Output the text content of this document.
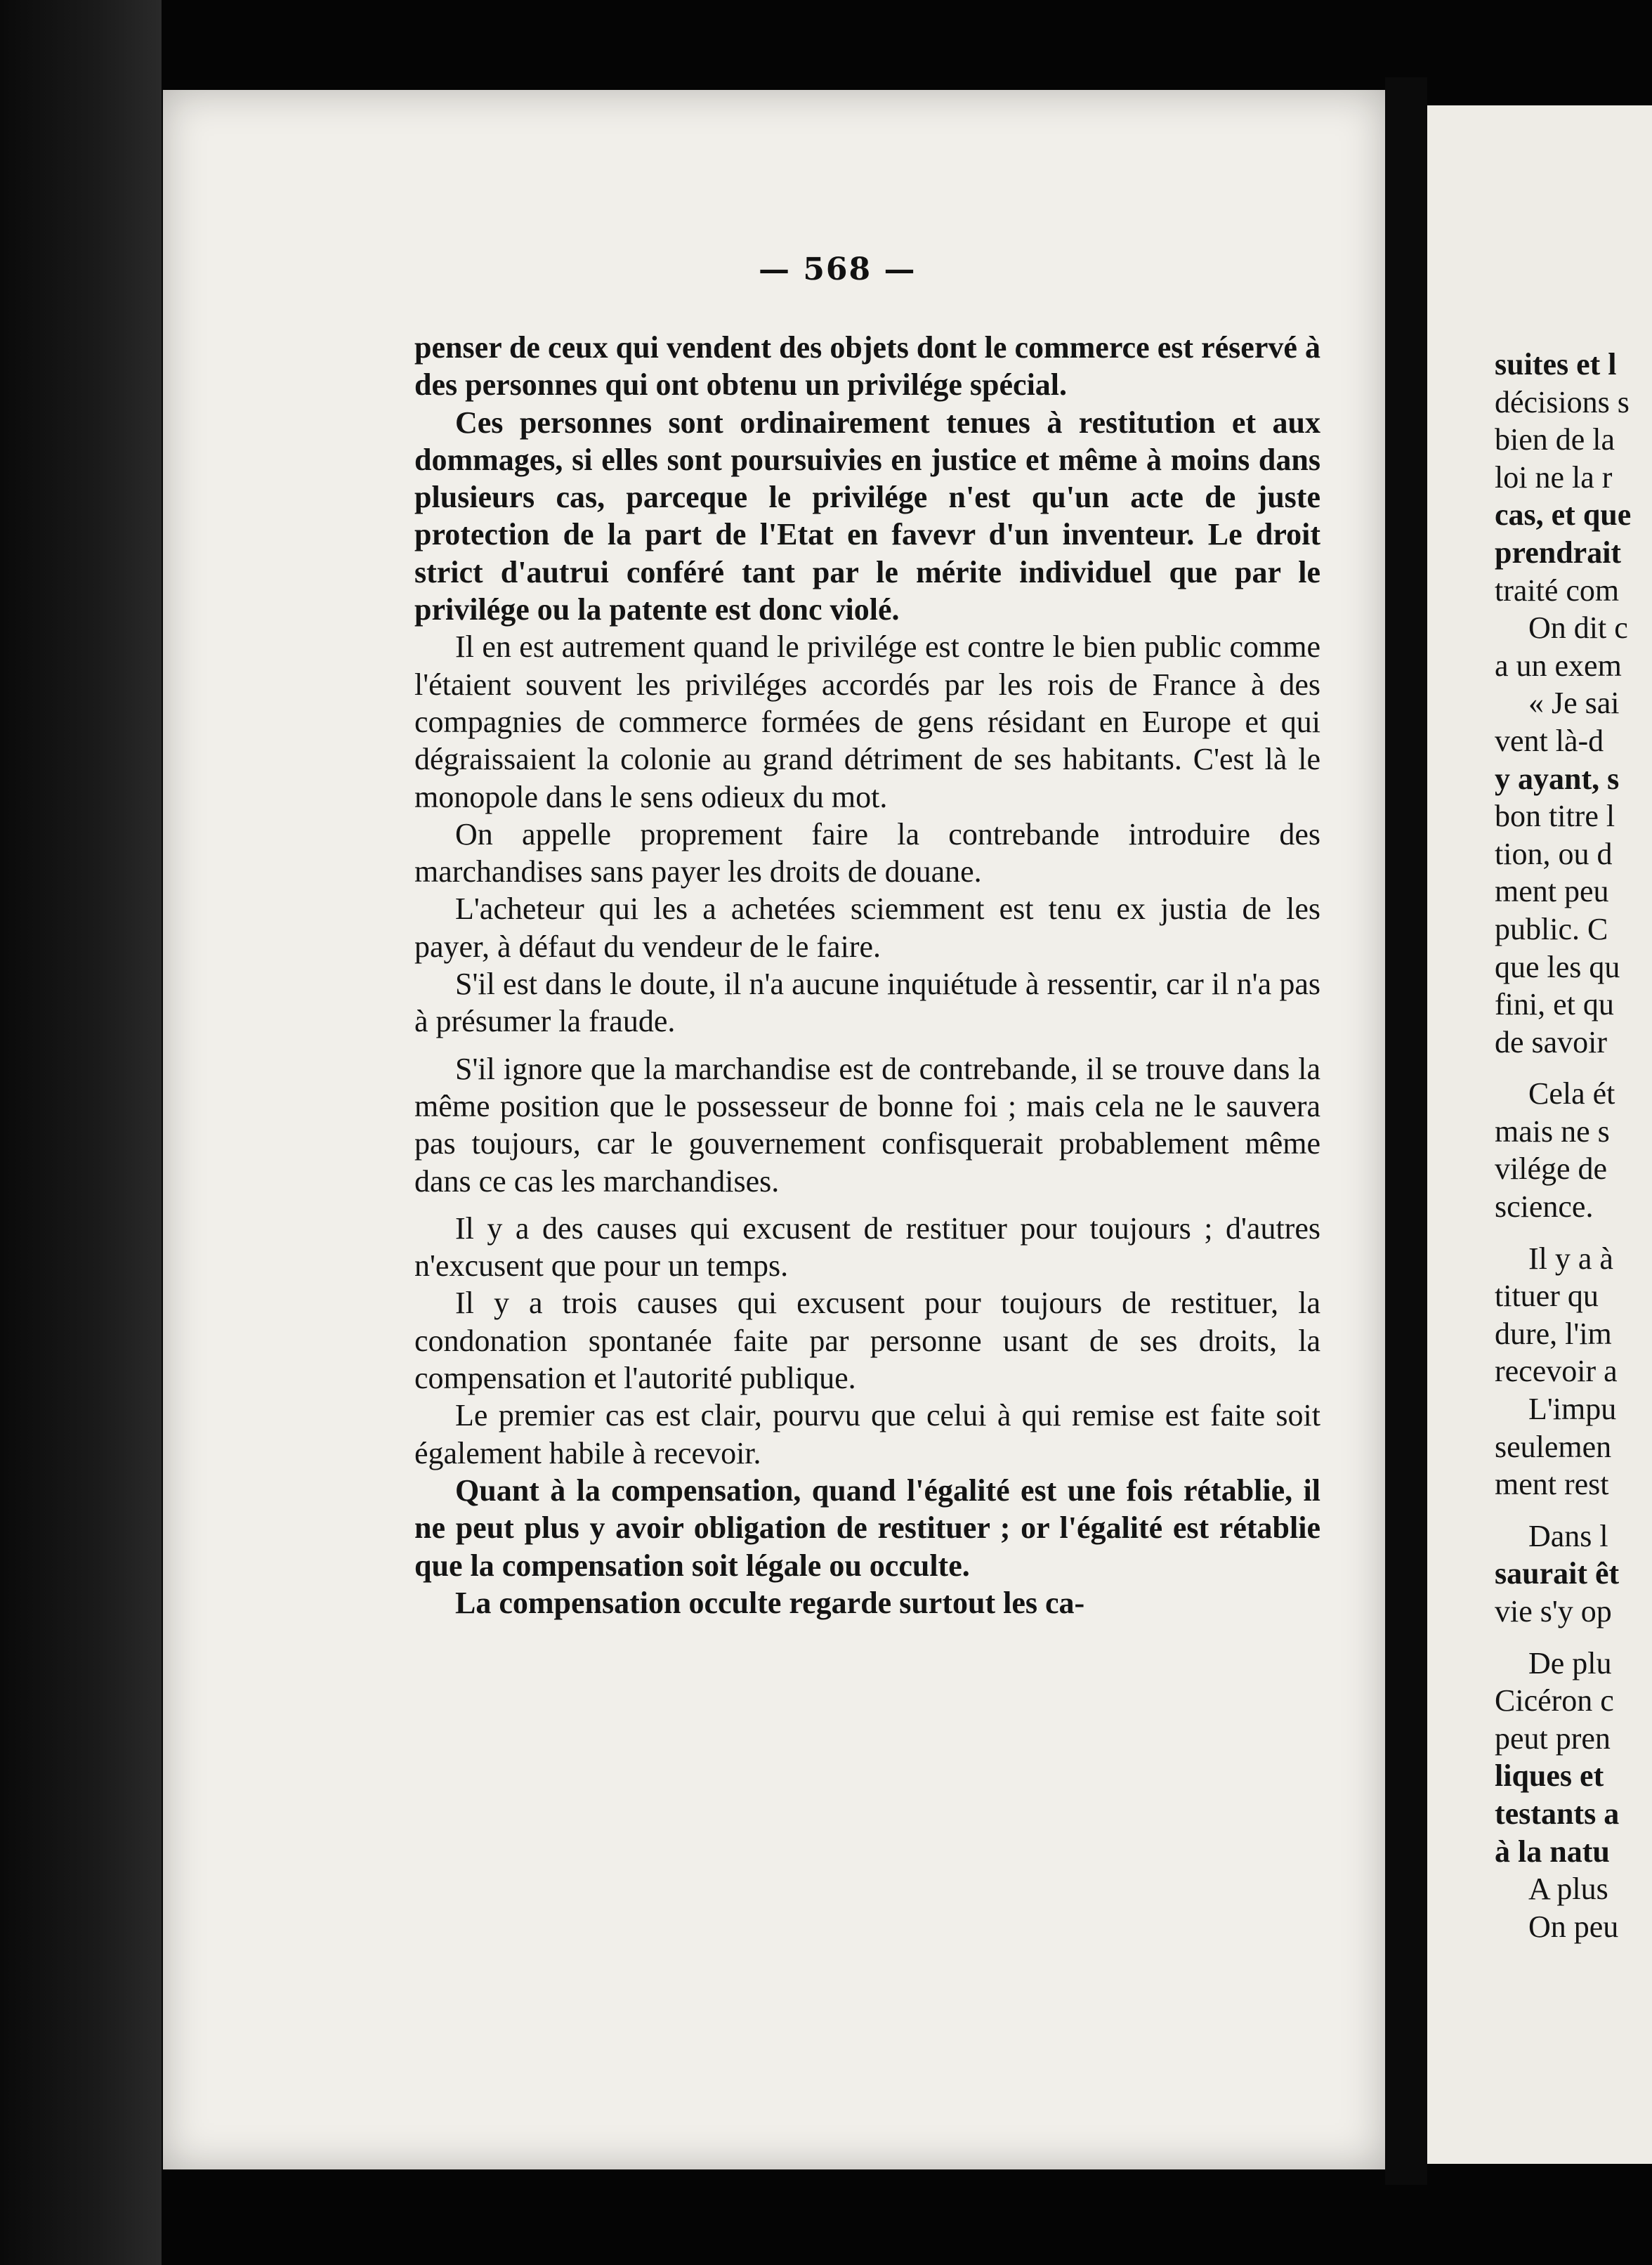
— 568 —

penser de ceux qui vendent des objets dont le commerce est réservé à des personnes qui ont obtenu un privilége spécial.

Ces personnes sont ordinairement tenues à restitution et aux dommages, si elles sont poursuivies en justice et même à moins dans plusieurs cas, parceque le privilége n'est qu'un acte de juste protection de la part de l'Etat en favevr d'un inventeur. Le droit strict d'autrui conféré tant par le mérite individuel que par le privilége ou la patente est donc violé.

Il en est autrement quand le privilége est contre le bien public comme l'étaient souvent les priviléges accordés par les rois de France à des compagnies de commerce formées de gens résidant en Europe et qui dégraissaient la colonie au grand détriment de ses habitants. C'est là le monopole dans le sens odieux du mot.

On appelle proprement faire la contrebande introduire des marchandises sans payer les droits de douane.

L'acheteur qui les a achetées sciemment est tenu ex justia de les payer, à défaut du vendeur de le faire.

S'il est dans le doute, il n'a aucune inquiétude à ressentir, car il n'a pas à présumer la fraude.

S'il ignore que la marchandise est de contrebande, il se trouve dans la même position que le possesseur de bonne foi ; mais cela ne le sauvera pas toujours, car le gouvernement confisquerait probablement même dans ce cas les marchandises.

Il y a des causes qui excusent de restituer pour toujours ; d'autres n'excusent que pour un temps.

Il y a trois causes qui excusent pour toujours de restituer, la condonation spontanée faite par personne usant de ses droits, la compensation et l'autorité publique.

Le premier cas est clair, pourvu que celui à qui remise est faite soit également habile à recevoir.

Quant à la compensation, quand l'égalité est une fois rétablie, il ne peut plus y avoir obligation de restituer ; or l'égalité est rétablie que la compensation soit légale ou occulte.

La compensation occulte regarde surtout les ca-

suites et l
décisions s
bien de la
loi ne la r
cas, et que
prendrait
traité com
On dit c
a un exem
« Je sai
vent là-d
y ayant, s
bon titre l
tion, ou d
ment peu
public. C
que les qu
fini, et qu
de savoir
Cela ét
mais ne s
vilége de
science.
Il y a à
tituer qu
dure, l'im
recevoir a
L'impu
seulemen
ment rest
Dans l
saurait êt
vie s'y op
De plu
Cicéron c
peut pren
liques et
testants a
à la natu
A plus
On peu
